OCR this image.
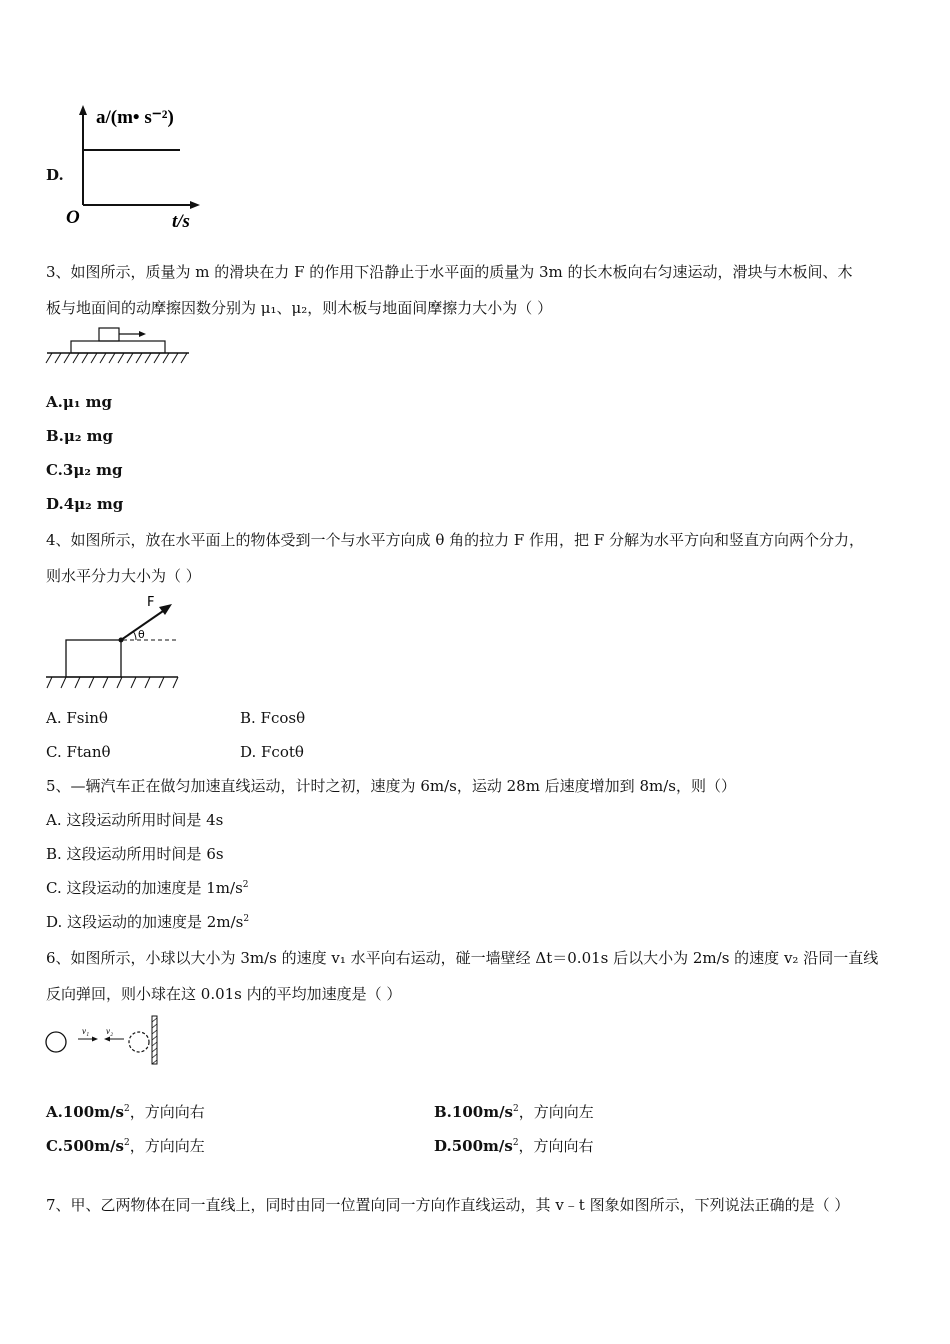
D.
a/(m• s⁻²)
t/s
O
3、如图所示，质量为 m 的滑块在力 F 的作用下沿静止于水平面的质量为 3m 的长木板向右匀速运动，滑块与木板间、木
板与地面间的动摩擦因数分别为 μ₁、μ₂，则木板与地面间摩擦力大小为（ ）
A.μ₁ mg
B.μ₂ mg
C.3μ₂ mg
D.4μ₂ mg
4、如图所示，放在水平面上的物体受到一个与水平方向成 θ 角的拉力 F 作用，把 F 分解为水平方向和竖直方向两个分力，
则水平分力大小为（ ）
F
θ
A. Fsinθ	B. Fcosθ
C. Ftanθ	D. Fcotθ
5、—辆汽车正在做匀加速直线运动，计时之初，速度为 6m/s，运动 28m 后速度增加到 8m/s，则（）
A. 这段运动所用时间是 4s
B. 这段运动所用时间是 6s
C. 这段运动的加速度是 $1m/s^2$
D. 这段运动的加速度是 $2m/s^2$
6、如图所示，小球以大小为 3m/s 的速度 v₁ 水平向右运动，碰一墙壁经 Δt＝0.01s 后以大小为 2m/s 的速度 v₂ 沿同一直线
反向弹回，则小球在这 0.01s 内的平均加速度是（ ）
v₁ v₂
$A.100m/s^2$，方向向右	$B.100m/s^2$，方向向左
$C.500m/s^2$，方向向左	$D.500m/s^2$，方向向右
7、甲、乙两物体在同一直线上，同时由同一位置向同一方向作直线运动，其 v﹣t 图象如图所示，下列说法正确的是（ ）
